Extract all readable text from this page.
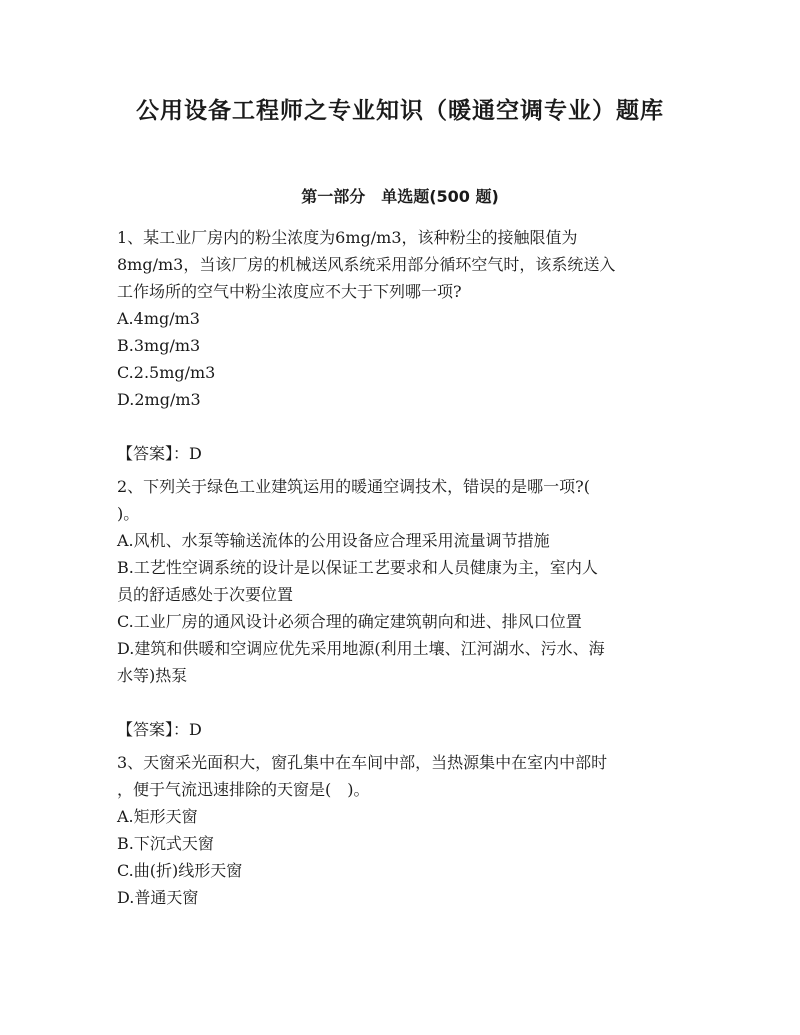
公用设备工程师之专业知识（暖通空调专业）题库
第一部分　单选题(500 题)

1、某工业厂房内的粉尘浓度为6mg/m3，该种粉尘的接触限值为
8mg/m3，当该厂房的机械送风系统采用部分循环空气时，该系统送入
工作场所的空气中粉尘浓度应不大于下列哪一项?

A.4mg/m3

B.3mg/m3

C.2.5mg/m3

D.2mg/m3

【答案】：D

2、下列关于绿色工业建筑运用的暖通空调技术，错误的是哪一项?(
)。

A.风机、水泵等输送流体的公用设备应合理采用流量调节措施

B.工艺性空调系统的设计是以保证工艺要求和人员健康为主，室内人
员的舒适感处于次要位置

C.工业厂房的通风设计必须合理的确定建筑朝向和进、排风口位置

D.建筑和供暖和空调应优先采用地源(利用土壤、江河湖水、污水、海
水等)热泵

【答案】：D

3、天窗采光面积大，窗孔集中在车间中部，当热源集中在室内中部时
，便于气流迅速排除的天窗是(　)。

A.矩形天窗

B.下沉式天窗

C.曲(折)线形天窗

D.普通天窗
